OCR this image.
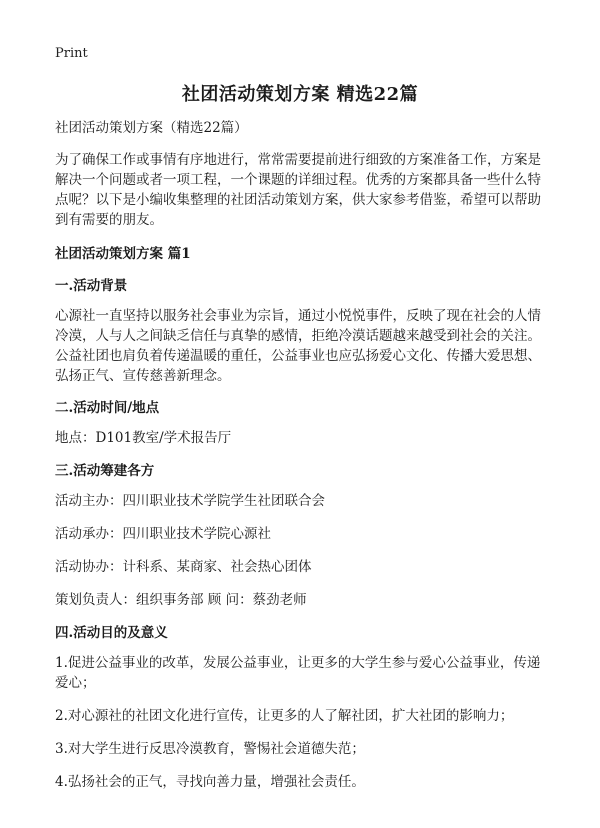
Print
社团活动策划方案 精选22篇

社团活动策划方案（精选22篇）

为了确保工作或事情有序地进行，常常需要提前进行细致的方案准备工作，方案是解决一个问题或者一项工程，一个课题的详细过程。优秀的方案都具备一些什么特点呢？以下是小编收集整理的社团活动策划方案，供大家参考借鉴，希望可以帮助到有需要的朋友。

社团活动策划方案 篇1
一.活动背景

心源社一直坚持以服务社会事业为宗旨，通过小悦悦事件，反映了现在社会的人情冷漠，人与人之间缺乏信任与真挚的感情，拒绝冷漠话题越来越受到社会的关注。公益社团也肩负着传递温暖的重任，公益事业也应弘扬爱心文化、传播大爱思想、弘扬正气、宣传慈善新理念。

二.活动时间/地点

地点：D101教室/学术报告厅

三.活动筹建各方

活动主办：四川职业技术学院学生社团联合会

活动承办：四川职业技术学院心源社

活动协办：计科系、某商家、社会热心团体

策划负责人：组织事务部 顾 问：蔡劲老师

四.活动目的及意义

1.促进公益事业的改革，发展公益事业，让更多的大学生参与爱心公益事业，传递爱心；

2.对心源社的社团文化进行宣传，让更多的人了解社团，扩大社团的影响力；

3.对大学生进行反思冷漠教育，警惕社会道德失范；

4.弘扬社会的正气，寻找向善力量，增强社会责任。
